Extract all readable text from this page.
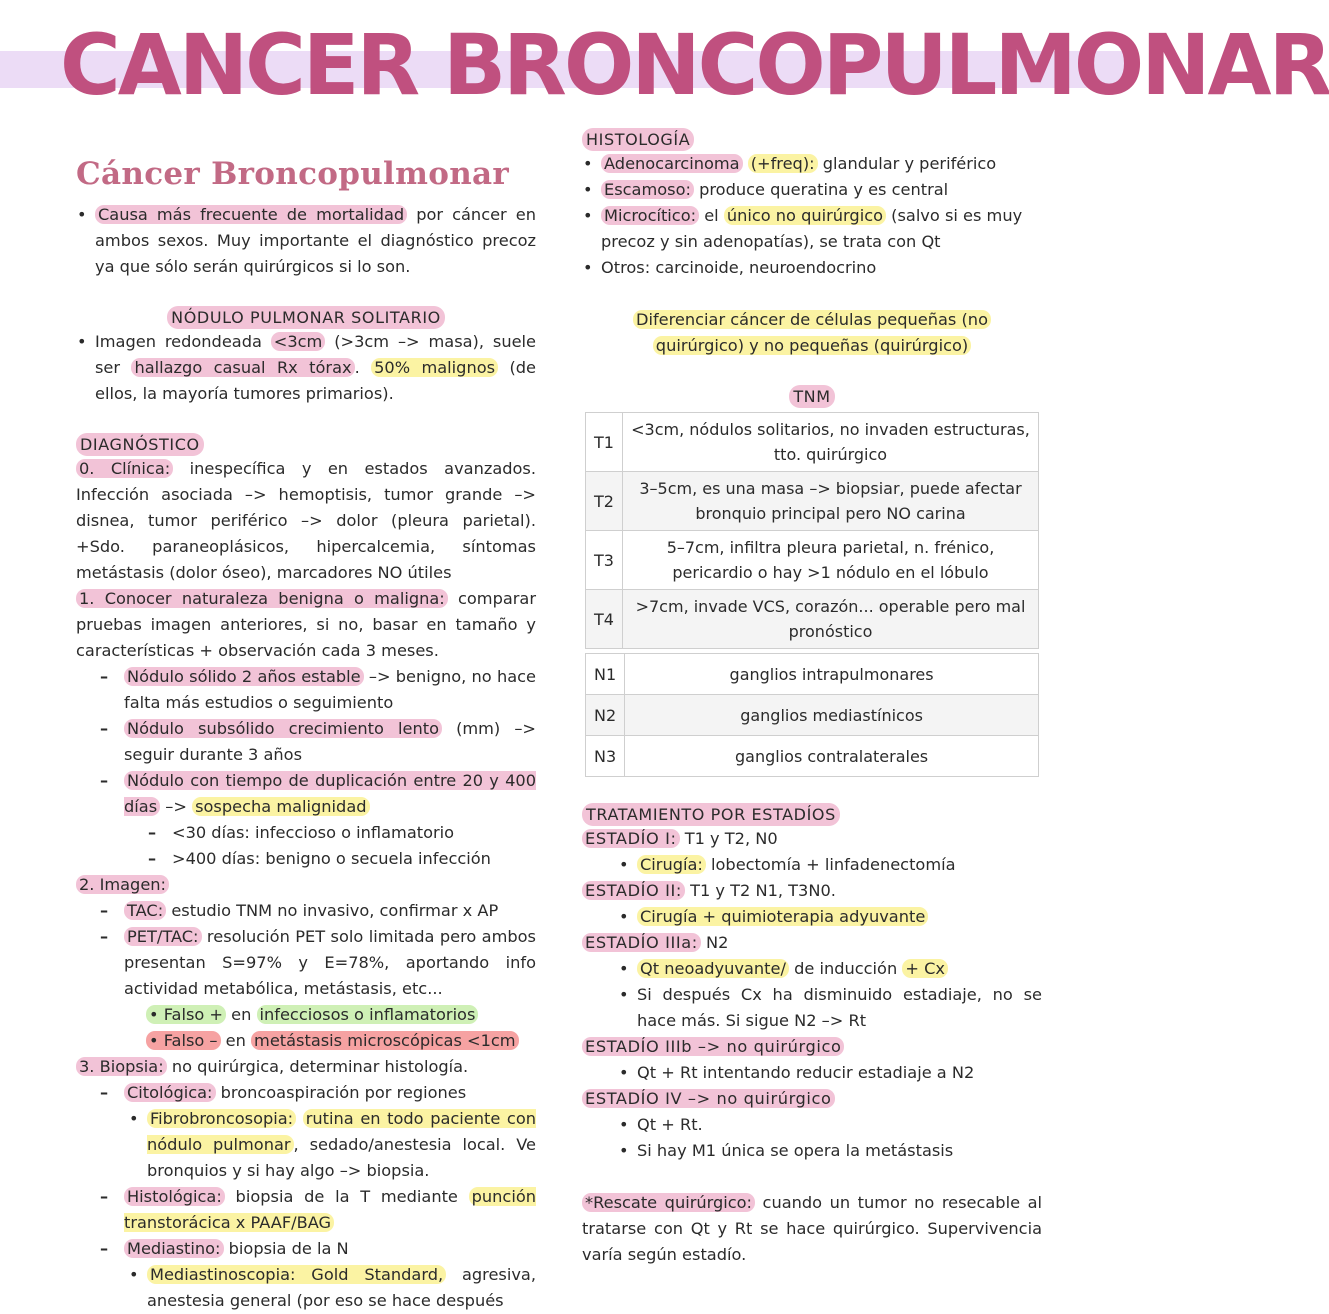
CANCER BRONCOPULMONAR
Cáncer Broncopulmonar
• Causa más frecuente de mortalidad por cáncer en ambos sexos. Muy importante el diagnóstico precoz ya que sólo serán quirúrgicos si lo son.
NÓDULO PULMONAR SOLITARIO
• Imagen redondeada <3cm (>3cm –> masa), suele ser hallazgo casual Rx tórax . 50% malignos (de ellos, la mayoría tumores primarios).
DIAGNÓSTICO
0. Clínica: inespecífica y en estados avanzados. Infección asociada –> hemoptisis, tumor grande –> disnea, tumor periférico –> dolor (pleura parietal). +Sdo. paraneoplásicos, hipercalcemia, síntomas metástasis (dolor óseo), marcadores NO útiles
1. Conocer naturaleza benigna o maligna: comparar pruebas imagen anteriores, si no, basar en tamaño y características + observación cada 3 meses.
– Nódulo sólido 2 años estable –> benigno, no hace falta más estudios o seguimiento
– Nódulo subsólido crecimiento lento (mm) –> seguir durante 3 años
– Nódulo con tiempo de duplicación entre 20 y 400 días –> sospecha malignidad
– <30 días: infeccioso o inflamatorio
– >400 días: benigno o secuela infección
2. Imagen:
– TAC: estudio TNM no invasivo, confirmar x AP
– PET/TAC: resolución PET solo limitada pero ambos presentan S=97% y E=78%, aportando info actividad metabólica, metástasis, etc...
• Falso + en infecciosos o inflamatorios
• Falso – en metástasis microscópicas <1cm
3. Biopsia: no quirúrgica, determinar histología.
– Citológica: broncoaspiración por regiones
• Fibrobroncosopia: rutina en todo paciente con nódulo pulmonar , sedado/anestesia local. Ve bronquios y si hay algo –> biopsia.
– Histológica: biopsia de la T mediante punción transtorácica x PAAF/BAG
– Mediastino: biopsia de la N
• Mediastinoscopia: Gold Standard, agresiva, anestesia general (por eso se hace después
HISTOLOGÍA
• Adenocarcinoma (+freq): glandular y periférico
• Escamoso: produce queratina y es central
• Microcítico: el único no quirúrgico (salvo si es muy precoz y sin adenopatías), se trata con Qt
• Otros: carcinoide, neuroendocrino
Diferenciar cáncer de células pequeñas (no
quirúrgico) y no pequeñas (quirúrgico)
TNM
T1	<3cm, nódulos solitarios, no invaden estructuras, tto. quirúrgico
T2	3–5cm, es una masa –> biopsiar, puede afectar bronquio principal pero NO carina
T3	5–7cm, infiltra pleura parietal, n. frénico, pericardio o hay >1 nódulo en el lóbulo
T4	>7cm, invade VCS, corazón... operable pero mal pronóstico
N1	ganglios intrapulmonares
N2	ganglios mediastínicos
N3	ganglios contralaterales
TRATAMIENTO POR ESTADÍOS
ESTADÍO I: T1 y T2, N0
• Cirugía: lobectomía + linfadenectomía
ESTADÍO II: T1 y T2 N1, T3N0.
• Cirugía + quimioterapia adyuvante
ESTADÍO IIIa: N2
• Qt neoadyuvante/ de inducción + Cx
• Si después Cx ha disminuido estadiaje, no se hace más. Si sigue N2 –> Rt
ESTADÍO IIIb –> no quirúrgico
• Qt + Rt intentando reducir estadiaje a N2
ESTADÍO IV –> no quirúrgico
• Qt + Rt.
• Si hay M1 única se opera la metástasis
*Rescate quirúrgico: cuando un tumor no resecable al tratarse con Qt y Rt se hace quirúrgico. Supervivencia varía según estadío.
